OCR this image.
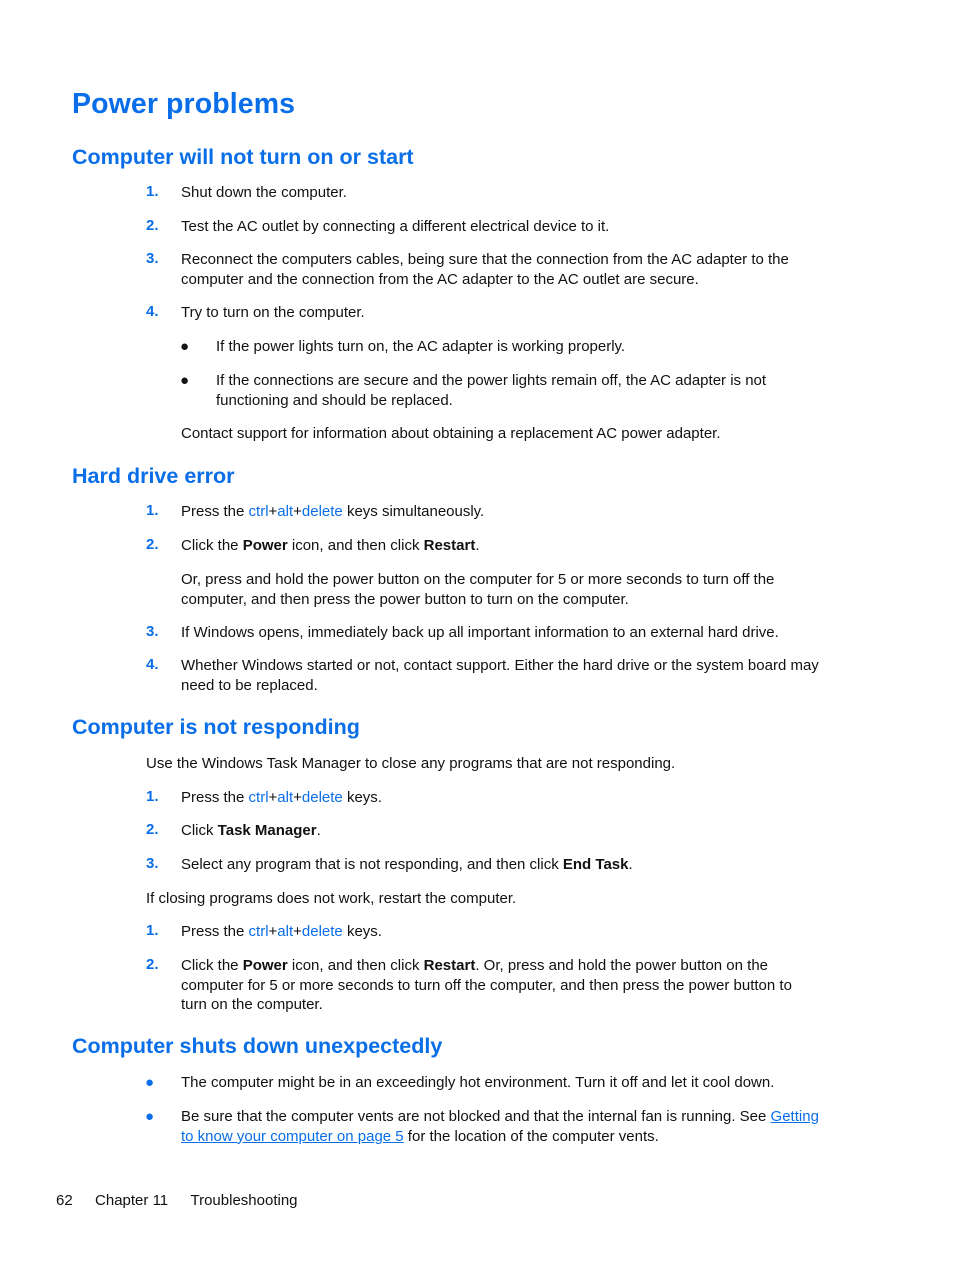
Power problems
Computer will not turn on or start
1. Shut down the computer.
2. Test the AC outlet by connecting a different electrical device to it.
3. Reconnect the computers cables, being sure that the connection from the AC adapter to the
computer and the connection from the AC adapter to the AC outlet are secure.
4. Try to turn on the computer.
● If the power lights turn on, the AC adapter is working properly.
● If the connections are secure and the power lights remain off, the AC adapter is not
functioning and should be replaced.
Contact support for information about obtaining a replacement AC power adapter.
Hard drive error
1. Press the ctrl+alt+delete keys simultaneously.
2. Click the Power icon, and then click Restart.
Or, press and hold the power button on the computer for 5 or more seconds to turn off the
computer, and then press the power button to turn on the computer.
3. If Windows opens, immediately back up all important information to an external hard drive.
4. Whether Windows started or not, contact support. Either the hard drive or the system board may
need to be replaced.
Computer is not responding
Use the Windows Task Manager to close any programs that are not responding.
1. Press the ctrl+alt+delete keys.
2. Click Task Manager.
3. Select any program that is not responding, and then click End Task.
If closing programs does not work, restart the computer.
1. Press the ctrl+alt+delete keys.
2. Click the Power icon, and then click Restart. Or, press and hold the power button on the
computer for 5 or more seconds to turn off the computer, and then press the power button to
turn on the computer.
Computer shuts down unexpectedly
● The computer might be in an exceedingly hot environment. Turn it off and let it cool down.
● Be sure that the computer vents are not blocked and that the internal fan is running. See Getting
to know your computer on page 5 for the location of the computer vents.
62 Chapter 11 Troubleshooting
